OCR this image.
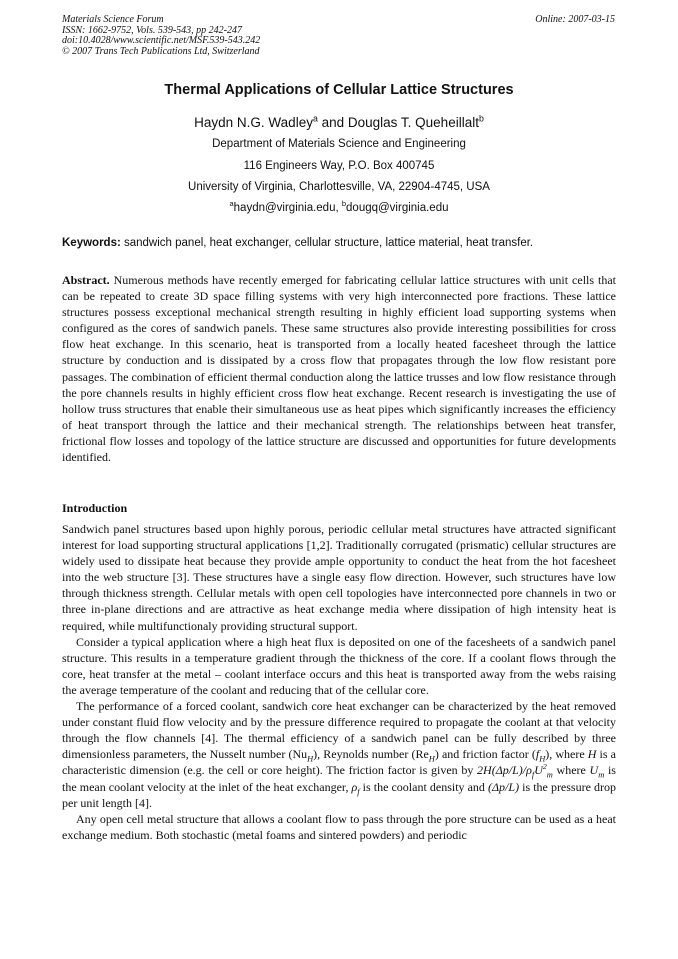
Materials Science Forum
ISSN: 1662-9752, Vols. 539-543, pp 242-247
doi:10.4028/www.scientific.net/MSF.539-543.242
© 2007 Trans Tech Publications Ltd, Switzerland
Online: 2007-03-15
Thermal Applications of Cellular Lattice Structures
Haydn N.G. Wadley$^a$ and Douglas T. Queheillalt$^b$
Department of Materials Science and Engineering
116 Engineers Way, P.O. Box 400745
University of Virginia, Charlottesville, VA, 22904-4745, USA
$^a$haydn@virginia.edu, $^b$dougq@virginia.edu
Keywords: sandwich panel, heat exchanger, cellular structure, lattice material, heat transfer.
Abstract. Numerous methods have recently emerged for fabricating cellular lattice structures with unit cells that can be repeated to create 3D space filling systems with very high interconnected pore fractions. These lattice structures possess exceptional mechanical strength resulting in highly efficient load supporting systems when configured as the cores of sandwich panels. These same structures also provide interesting possibilities for cross flow heat exchange. In this scenario, heat is transported from a locally heated facesheet through the lattice structure by conduction and is dissipated by a cross flow that propagates through the low flow resistant pore passages. The combination of efficient thermal conduction along the lattice trusses and low flow resistance through the pore channels results in highly efficient cross flow heat exchange. Recent research is investigating the use of hollow truss structures that enable their simultaneous use as heat pipes which significantly increases the efficiency of heat transport through the lattice and their mechanical strength. The relationships between heat transfer, frictional flow losses and topology of the lattice structure are discussed and opportunities for future developments identified.
Introduction

Sandwich panel structures based upon highly porous, periodic cellular metal structures have attracted significant interest for load supporting structural applications [1,2]. Traditionally corrugated (prismatic) cellular structures are widely used to dissipate heat because they provide ample opportunity to conduct the heat from the hot facesheet into the web structure [3]. These structures have a single easy flow direction. However, such structures have low through thickness strength. Cellular metals with open cell topologies have interconnected pore channels in two or three in-plane directions and are attractive as heat exchange media where dissipation of high intensity heat is required, while multifunctionaly providing structural support.

Consider a typical application where a high heat flux is deposited on one of the facesheets of a sandwich panel structure. This results in a temperature gradient through the thickness of the core. If a coolant flows through the core, heat transfer at the metal – coolant interface occurs and this heat is transported away from the webs raising the average temperature of the coolant and reducing that of the cellular core.

The performance of a forced coolant, sandwich core heat exchanger can be characterized by the heat removed under constant fluid flow velocity and by the pressure difference required to propagate the coolant at that velocity through the flow channels [4]. The thermal efficiency of a sandwich panel can be fully described by three dimensionless parameters, the Nusselt number $(Nu_H)$, Reynolds number $(Re_H)$ and friction factor $(f_H)$, where H is a characteristic dimension (e.g. the cell or core height). The friction factor is given by $2H(\Delta p/L)/\rho_fU^2_m$ where $U_m$ is the mean coolant velocity at the inlet of the heat exchanger, $\rho_f$ is the coolant density and (Δp/L) is the pressure drop per unit length [4].

Any open cell metal structure that allows a coolant flow to pass through the pore structure can be used as a heat exchange medium. Both stochastic (metal foams and sintered powders) and periodic
